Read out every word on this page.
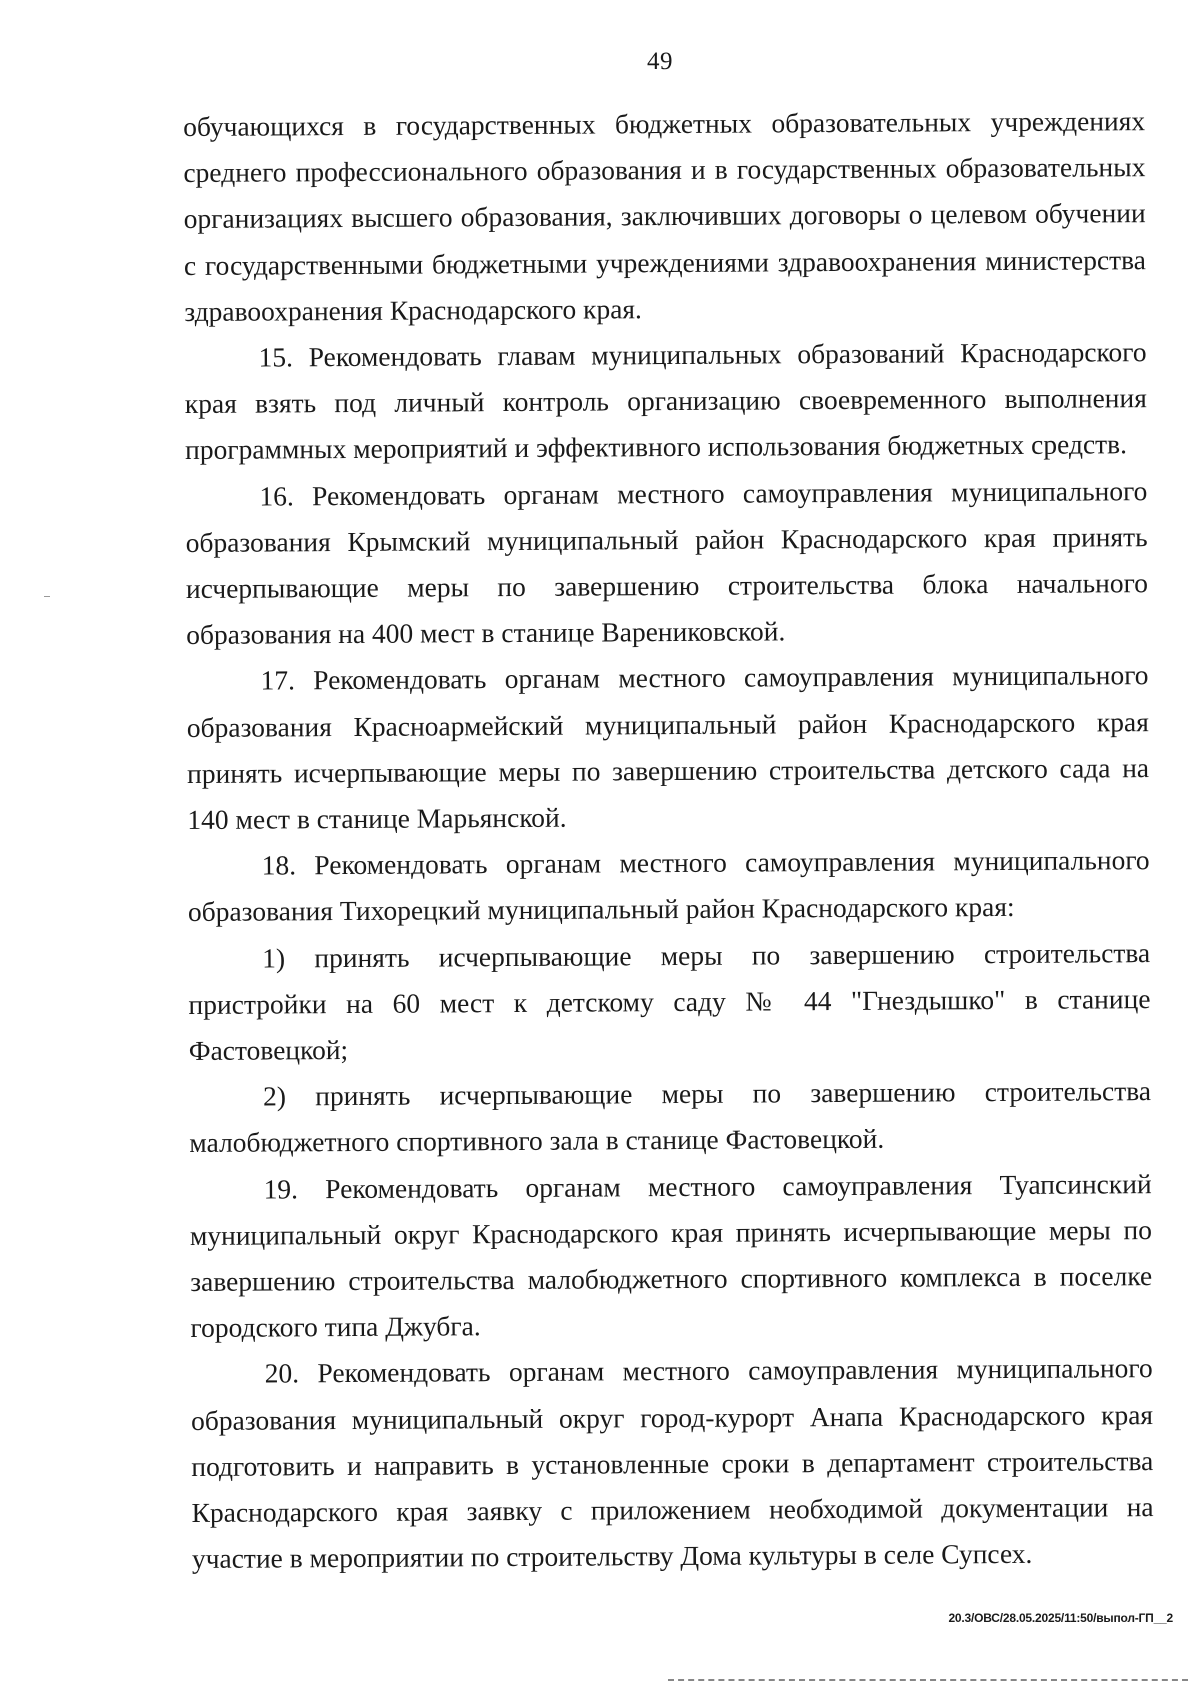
49

обучающихся в государственных бюджетных образовательных учреждениях среднего профессионального образования и в государственных образовательных организациях высшего образования, заключивших договоры о целевом обучении с государственными бюджетными учреждениями здравоохранения министерства здравоохранения Краснодарского края.

15. Рекомендовать главам муниципальных образований Краснодарского края взять под личный контроль организацию своевременного выполнения программных мероприятий и эффективного использования бюджетных средств.

16. Рекомендовать органам местного самоуправления муниципального образования Крымский муниципальный район Краснодарского края принять исчерпывающие меры по завершению строительства блока начального образования на 400 мест в станице Варениковской.

17. Рекомендовать органам местного самоуправления муниципального образования Красноармейский муниципальный район Краснодарского края принять исчерпывающие меры по завершению строительства детского сада на 140 мест в станице Марьянской.

18. Рекомендовать органам местного самоуправления муниципального образования Тихорецкий муниципальный район Краснодарского края:

1) принять исчерпывающие меры по завершению строительства пристройки на 60 мест к детскому саду № 44 "Гнездышко" в станице Фастовецкой;

2) принять исчерпывающие меры по завершению строительства малобюджетного спортивного зала в станице Фастовецкой.

19. Рекомендовать органам местного самоуправления Туапсинский муниципальный округ Краснодарского края принять исчерпывающие меры по завершению строительства малобюджетного спортивного комплекса в поселке городского типа Джубга.

20. Рекомендовать органам местного самоуправления муниципального образования муниципальный округ город-курорт Анапа Краснодарского края подготовить и направить в установленные сроки в департамент строительства Краснодарского края заявку с приложением необходимой документации на участие в мероприятии по строительству Дома культуры в селе Супсех.

20.3/ОВС/28.05.2025/11:50/выпол-ГП__2
